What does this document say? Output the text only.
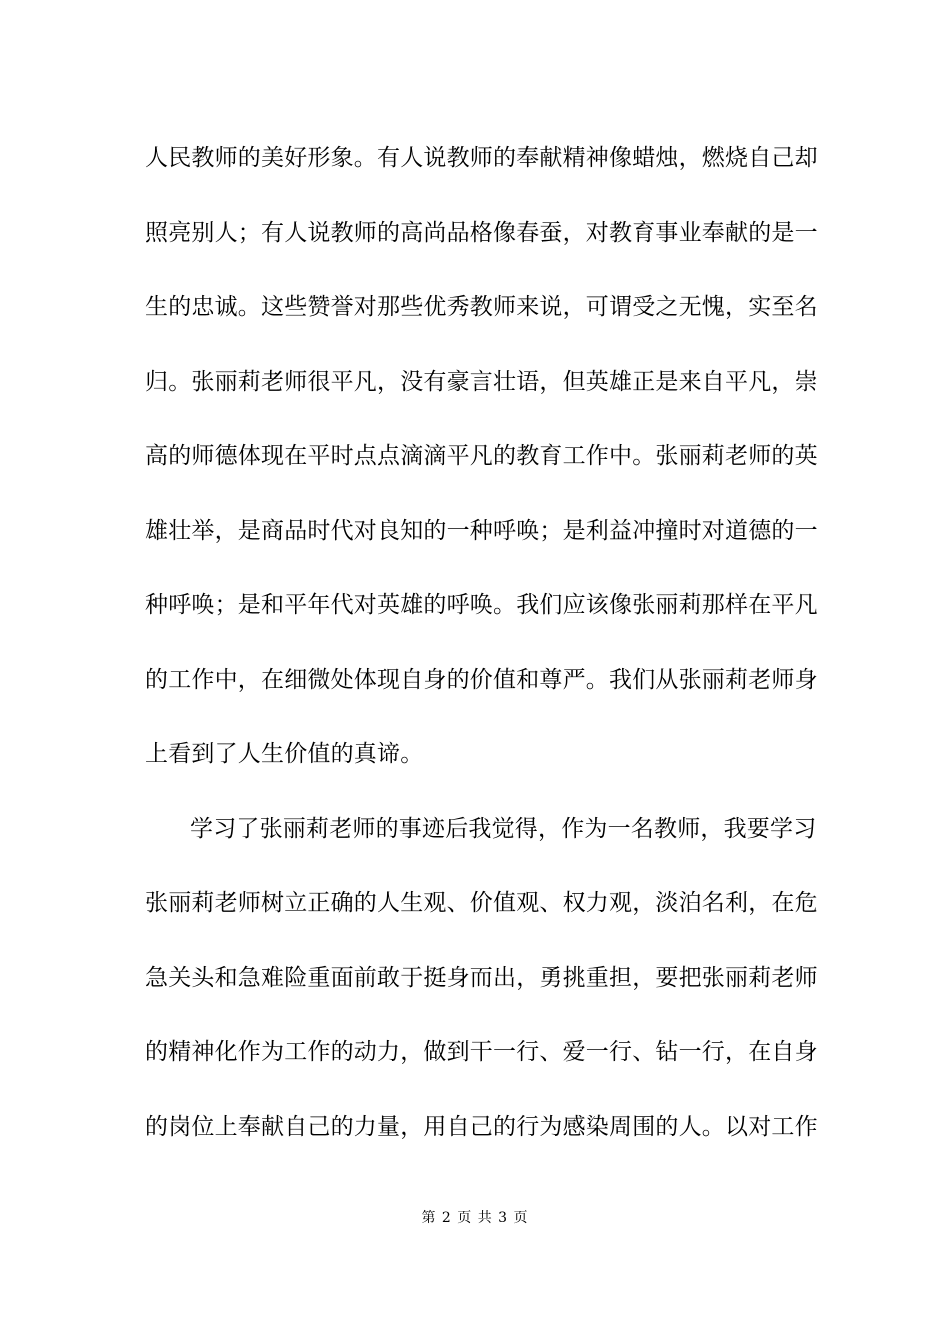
人民教师的美好形象。有人说教师的奉献精神像蜡烛，燃烧自己却
照亮别人；有人说教师的高尚品格像春蚕，对教育事业奉献的是一
生的忠诚。这些赞誉对那些优秀教师来说，可谓受之无愧，实至名
归。张丽莉老师很平凡，没有豪言壮语，但英雄正是来自平凡，崇
高的师德体现在平时点点滴滴平凡的教育工作中。张丽莉老师的英
雄壮举，是商品时代对良知的一种呼唤；是利益冲撞时对道德的一
种呼唤；是和平年代对英雄的呼唤。我们应该像张丽莉那样在平凡
的工作中，在细微处体现自身的价值和尊严。我们从张丽莉老师身
上看到了人生价值的真谛。
学习了张丽莉老师的事迹后我觉得，作为一名教师，我要学习
张丽莉老师树立正确的人生观、价值观、权力观，淡泊名利，在危
急关头和急难险重面前敢于挺身而出，勇挑重担，要把张丽莉老师
的精神化作为工作的动力，做到干一行、爱一行、钻一行，在自身
的岗位上奉献自己的力量，用自己的行为感染周围的人。以对工作
第 2 页 共 3 页
